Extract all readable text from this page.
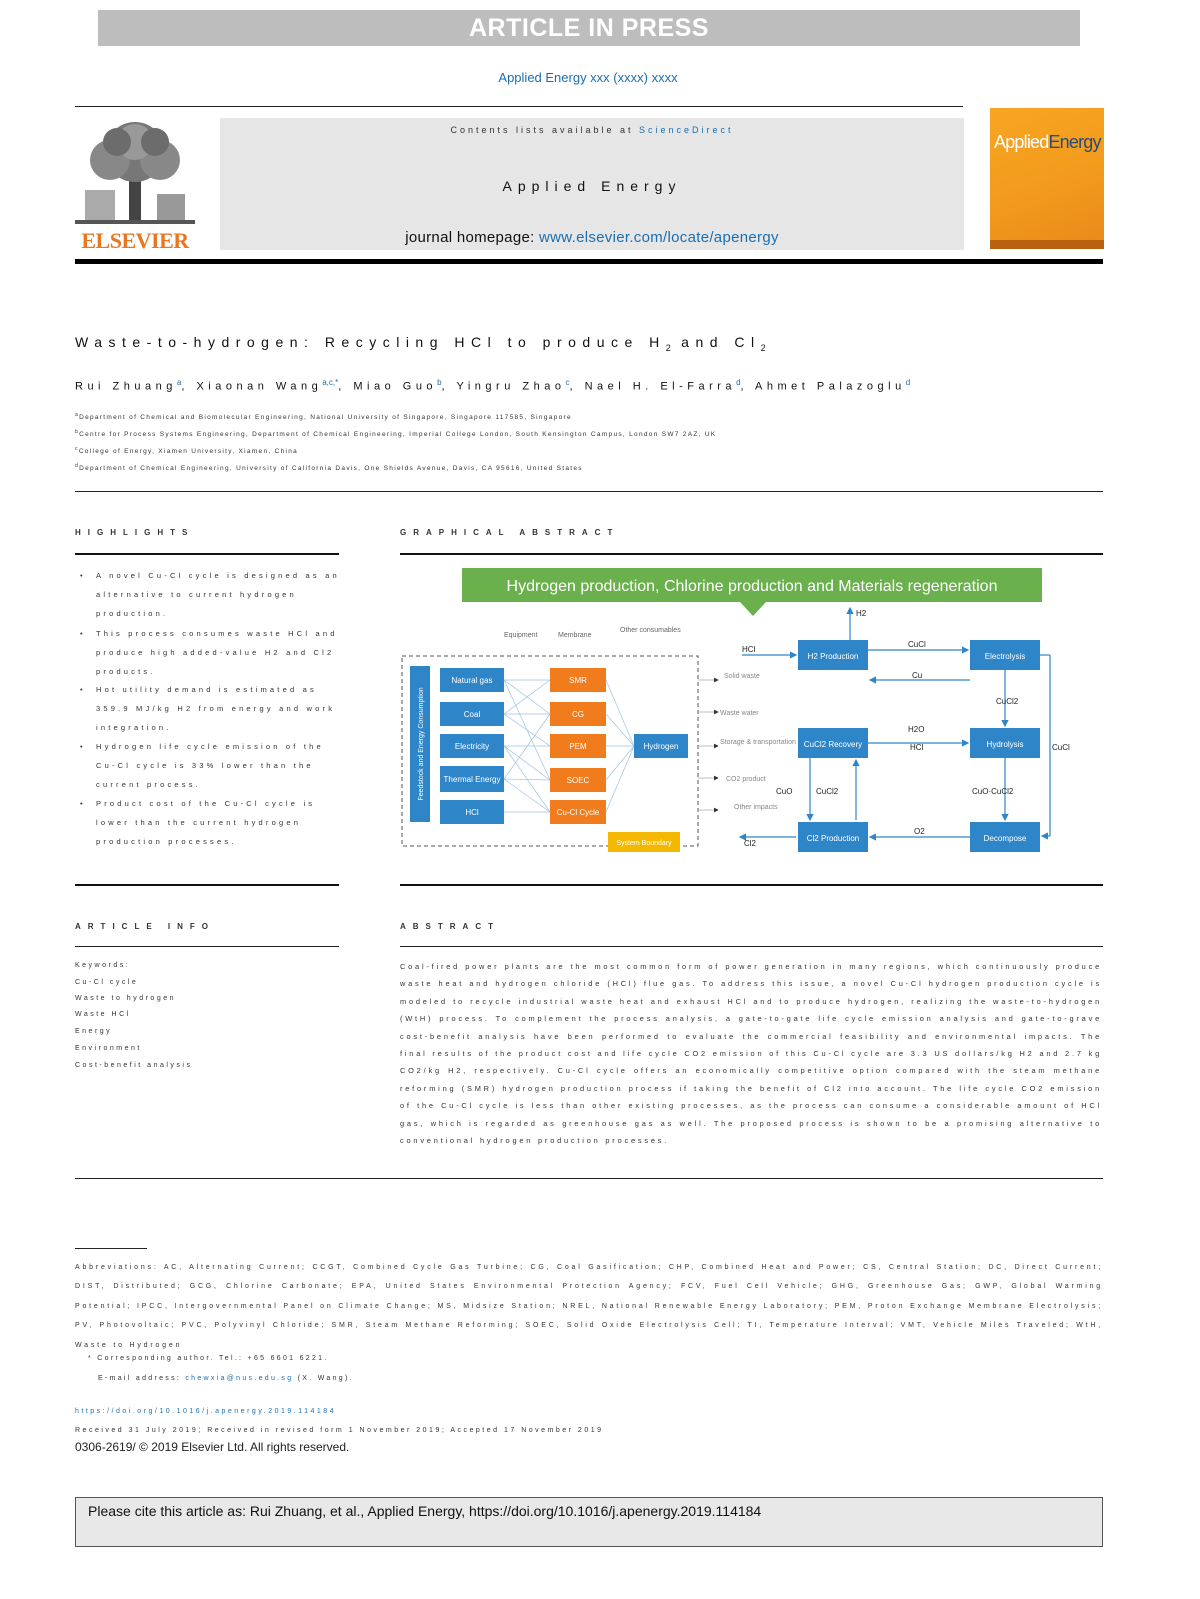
ARTICLE IN PRESS
Applied Energy xxx (xxxx) xxxx
ELSEVIER
Contents lists available at ScienceDirect
Applied Energy
journal homepage: www.elsevier.com/locate/apenergy
AppliedEnergy
Waste-to-hydrogen: Recycling HCl to produce $H_2$ and $Cl_2$
Rui Zhuang$^a$, Xiaonan Wang$^{a,c,*}$, Miao Guo$^b$, Yingru Zhao$^c$, Nael H. El-Farra$^d$, Ahmet Palazoglu$^d$
$^a$Department of Chemical and Biomolecular Engineering, National University of Singapore, Singapore 117585, Singapore
$^b$Centre for Process Systems Engineering, Department of Chemical Engineering, Imperial College London, South Kensington Campus, London SW7 2AZ, UK
$^c$College of Energy, Xiamen University, Xiamen, China
$^d$Department of Chemical Engineering, University of California Davis, One Shields Avenue, Davis, CA 95616, United States
HIGHLIGHTS
• A novel Cu-Cl cycle is designed as an alternative to current hydrogen production.
• This process consumes waste HCl and produce high added-value H2 and Cl2 products.
• Hot utility demand is estimated as 359.9 MJ/kg H2 from energy and work integration.
• Hydrogen life cycle emission of the Cu-Cl cycle is 33% lower than the current process.
• Product cost of the Cu-Cl cycle is lower than the current hydrogen production processes.
GRAPHICAL ABSTRACT
Hydrogen production, Chlorine production and Materials regeneration
Equipment	Membrane
Other consumables
System Boundary
Feedstock and Energy Consumption
Natural gas
Coal
Electricity
Thermal Energy
HCl
SMR
CG
PEM
SOEC
Cu-Cl Cycle
Hydrogen
Solid waste
Waste water
Storage & transportation
CO2 product
Other impacts
H2 Production	Electrolysis
CuCl2 Recovery	Hydrolysis
Cl2 Production	Decompose
H2
HCl
CuCl
Cu
CuCl2
H2O
HCl	CuCl
CuO	CuCl2	CuO·CuCl2
O2
Cl2
ARTICLE INFO
Keywords:
Cu-Cl cycle
Waste to hydrogen
Waste HCl
Energy
Environment
Cost-benefit analysis
ABSTRACT
Coal-fired power plants are the most common form of power generation in many regions, which continuously produce waste heat and hydrogen chloride (HCl) flue gas. To address this issue, a novel Cu-Cl hydrogen production cycle is modeled to recycle industrial waste heat and exhaust HCl and to produce hydrogen, realizing the waste-to-hydrogen (WtH) process. To complement the process analysis, a gate-to-gate life cycle emission analysis and gate-to-grave cost-benefit analysis have been performed to evaluate the commercial feasibility and environmental impacts. The final results of the product cost and life cycle CO2 emission of this Cu-Cl cycle are 3.3 US dollars/kg H2 and 2.7 kg CO2/kg H2, respectively. Cu-Cl cycle offers an economically competitive option compared with the steam methane reforming (SMR) hydrogen production process if taking the benefit of Cl2 into account. The life cycle CO2 emission of the Cu-Cl cycle is less than other existing processes, as the process can consume a considerable amount of HCl gas, which is regarded as greenhouse gas as well. The proposed process is shown to be a promising alternative to conventional hydrogen production processes.
Abbreviations: AC, Alternating Current; CCGT, Combined Cycle Gas Turbine; CG, Coal Gasification; CHP, Combined Heat and Power; CS, Central Station; DC, Direct Current; DIST, Distributed; GCG, Chlorine Carbonate; EPA, United States Environmental Protection Agency; FCV, Fuel Cell Vehicle; GHG, Greenhouse Gas; GWP, Global Warming Potential; IPCC, Intergovernmental Panel on Climate Change; MS, Midsize Station; NREL, National Renewable Energy Laboratory; PEM, Proton Exchange Membrane Electrolysis; PV, Photovoltaic; PVC, Polyvinyl Chloride; SMR, Steam Methane Reforming; SOEC, Solid Oxide Electrolysis Cell; TI, Temperature Interval; VMT, Vehicle Miles Traveled; WtH, Waste to Hydrogen
* Corresponding author. Tel.: +65 6601 6221.
E-mail address: chewxia@nus.edu.sg (X. Wang).
https://doi.org/10.1016/j.apenergy.2019.114184
Received 31 July 2019; Received in revised form 1 November 2019; Accepted 17 November 2019
0306-2619/ © 2019 Elsevier Ltd. All rights reserved.
Please cite this article as: Rui Zhuang, et al., Applied Energy, https://doi.org/10.1016/j.apenergy.2019.114184
